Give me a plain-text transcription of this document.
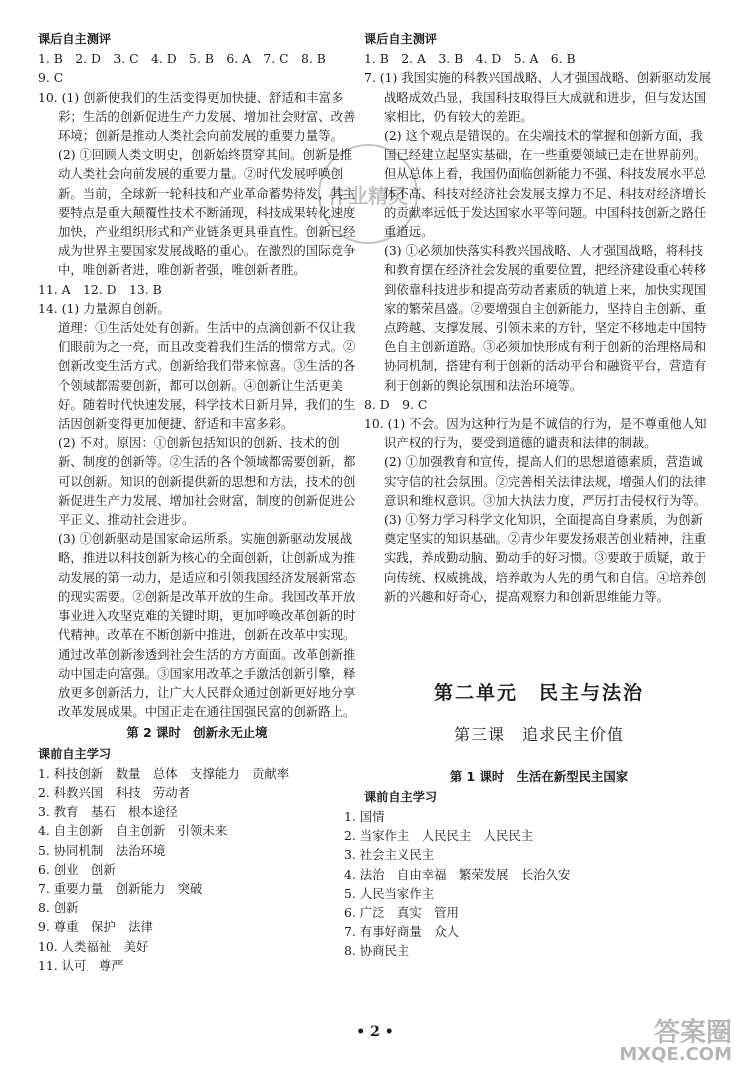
作业精灵
课后自主测评
1. B　2. D　3. C　4. D　5. B　6. A　7. C　8. B
9. C
10. (1) 创新使我们的生活变得更加快捷、舒适和丰富多彩；生活的创新促进生产力发展、增加社会财富、改善环境；创新是推动人类社会向前发展的重要力量等。
(2) ①回顾人类文明史，创新始终贯穿其间。创新是推动人类社会向前发展的重要力量。②时代发展呼唤创新。当前，全球新一轮科技和产业革命蓄势待发，其主要特点是重大颠覆性技术不断涌现，科技成果转化速度加快，产业组织形式和产业链条更具垂直性。创新已经成为世界主要国家发展战略的重心。在激烈的国际竞争中，唯创新者进，唯创新者强，唯创新者胜。
11. A　12. D　13. B
14. (1) 力量源自创新。
道理：①生活处处有创新。生活中的点滴创新不仅让我们眼前为之一亮，而且改变着我们生活的惯常方式。②创新改变生活方式。创新给我们带来惊喜。③生活的各个领域都需要创新，都可以创新。④创新让生活更美好。随着时代快速发展，科学技术日新月异，我们的生活因创新变得更加便捷、舒适和丰富多彩。
(2) 不对。原因：①创新包括知识的创新、技术的创新、制度的创新等。②生活的各个领域都需要创新，都可以创新。知识的创新提供新的思想和方法，技术的创新促进生产力发展、增加社会财富，制度的创新促进公平正义、推动社会进步。
(3) ①创新驱动是国家命运所系。实施创新驱动发展战略，推进以科技创新为核心的全面创新，让创新成为推动发展的第一动力，是适应和引领我国经济发展新常态的现实需要。②创新是改革开放的生命。我国改革开放事业进入攻坚克难的关键时期，更加呼唤改革创新的时代精神。改革在不断创新中推进，创新在改革中实现。通过改革创新渗透到社会生活的方方面面。改革创新推动中国走向富强。③国家用改革之手激活创新引擎，释放更多创新活力，让广大人民群众通过创新更好地分享改革发展成果。中国正走在通往国强民富的创新路上。
第 2 课时　创新永无止境
课前自主学习
1. 科技创新　数量　总体　支撑能力　贡献率
2. 科教兴国　科技　劳动者
3. 教育　基石　根本途径
4. 自主创新　自主创新　引领未来
5. 协同机制　法治环境
6. 创业　创新
7. 重要力量　创新能力　突破
8. 创新
9. 尊重　保护　法律
10. 人类福祉　美好
11. 认可　尊严
课后自主测评
1. B　2. A　3. B　4. D　5. A　6. B
7. (1) 我国实施的科教兴国战略、人才强国战略、创新驱动发展战略成效凸显，我国科技取得巨大成就和进步，但与发达国家相比，仍有较大的差距。
(2) 这个观点是错误的。在尖端技术的掌握和创新方面，我国已经建立起坚实基础，在一些重要领域已走在世界前列。但从总体上看，我国仍面临创新能力不强、科技发展水平总体不高、科技对经济社会发展支撑力不足、科技对经济增长的贡献率远低于发达国家水平等问题。中国科技创新之路任重道远。
(3) ①必须加快落实科教兴国战略、人才强国战略，将科技和教育摆在经济社会发展的重要位置，把经济建设重心转移到依靠科技进步和提高劳动者素质的轨道上来，加快实现国家的繁荣昌盛。②要增强自主创新能力，坚持自主创新、重点跨越、支撑发展、引领未来的方针，坚定不移地走中国特色自主创新道路。③必须加快形成有利于创新的治理格局和协同机制，搭建有利于创新的活动平台和融资平台，营造有利于创新的舆论氛围和法治环境等。
8. D　9. C
10. (1) 不会。因为这种行为是不诚信的行为，是不尊重他人知识产权的行为，要受到道德的谴责和法律的制裁。
(2) ①加强教育和宣传，提高人们的思想道德素质，营造诚实守信的社会氛围。②完善相关法律法规，增强人们的法律意识和维权意识。③加大执法力度，严厉打击侵权行为等。
(3) ①努力学习科学文化知识，全面提高自身素质，为创新奠定坚实的知识基础。②青少年要发扬艰苦创业精神，注重实践，养成勤动脑、勤动手的好习惯。③要敢于质疑，敢于向传统、权威挑战，培养敢为人先的勇气和自信。④培养创新的兴趣和好奇心，提高观察力和创新思维能力等。
第二单元　民主与法治
第三课　追求民主价值
第 1 课时　生活在新型民主国家
课前自主学习
1. 国情
2. 当家作主　人民民主　人民民主
3. 社会主义民主
4. 法治　自由幸福　繁荣发展　长治久安
5. 人民当家作主
6. 广泛　真实　管用
7. 有事好商量　众人
8. 协商民主
• 2 •	答案圈
MXQE.COM
